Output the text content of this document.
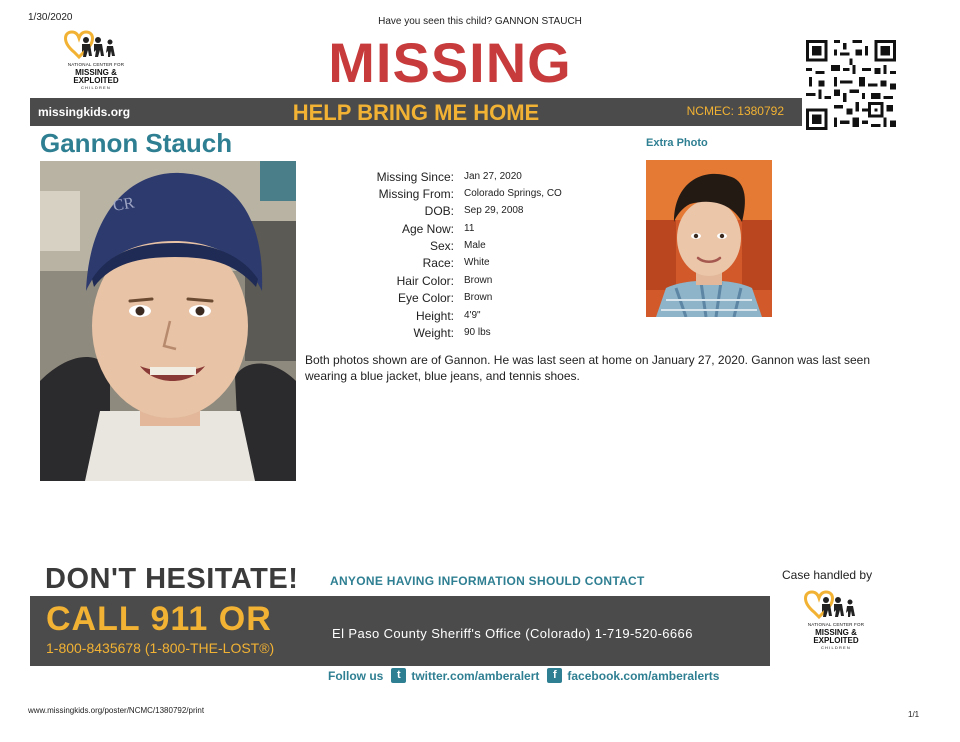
1/30/2020	Have you seen this child? GANNON STAUCH
NATIONAL CENTER FOR
MISSING &
EXPLOITED
CHILDREN	MISSING
missingkids.org	HELP BRING ME HOME	NCMEC: 1380792
Gannon Stauch	Extra Photo
CR
Missing Since: Jan 27, 2020
Missing From: Colorado Springs, CO
DOB: Sep 29, 2008
Age Now: 11
Sex: Male
Race: White
Hair Color: Brown
Eye Color: Brown
Height: 4'9"
Weight: 90 lbs
Both photos shown are of Gannon. He was last seen at home on January 27, 2020. Gannon was last seen wearing a blue jacket, blue jeans, and tennis shoes.
DON'T HESITATE!	ANYONE HAVING INFORMATION SHOULD CONTACT	Case handled by
CALL 911 OR
1-800-8435678 (1-800-THE-LOST®)
El Paso County Sheriff's Office (Colorado) 1-719-520-6666
NATIONAL CENTER FOR
MISSING &
EXPLOITED
CHILDREN
Follow us	t twitter.com/amberalert	f facebook.com/amberalerts
www.missingkids.org/poster/NCMC/1380792/print	1/1
